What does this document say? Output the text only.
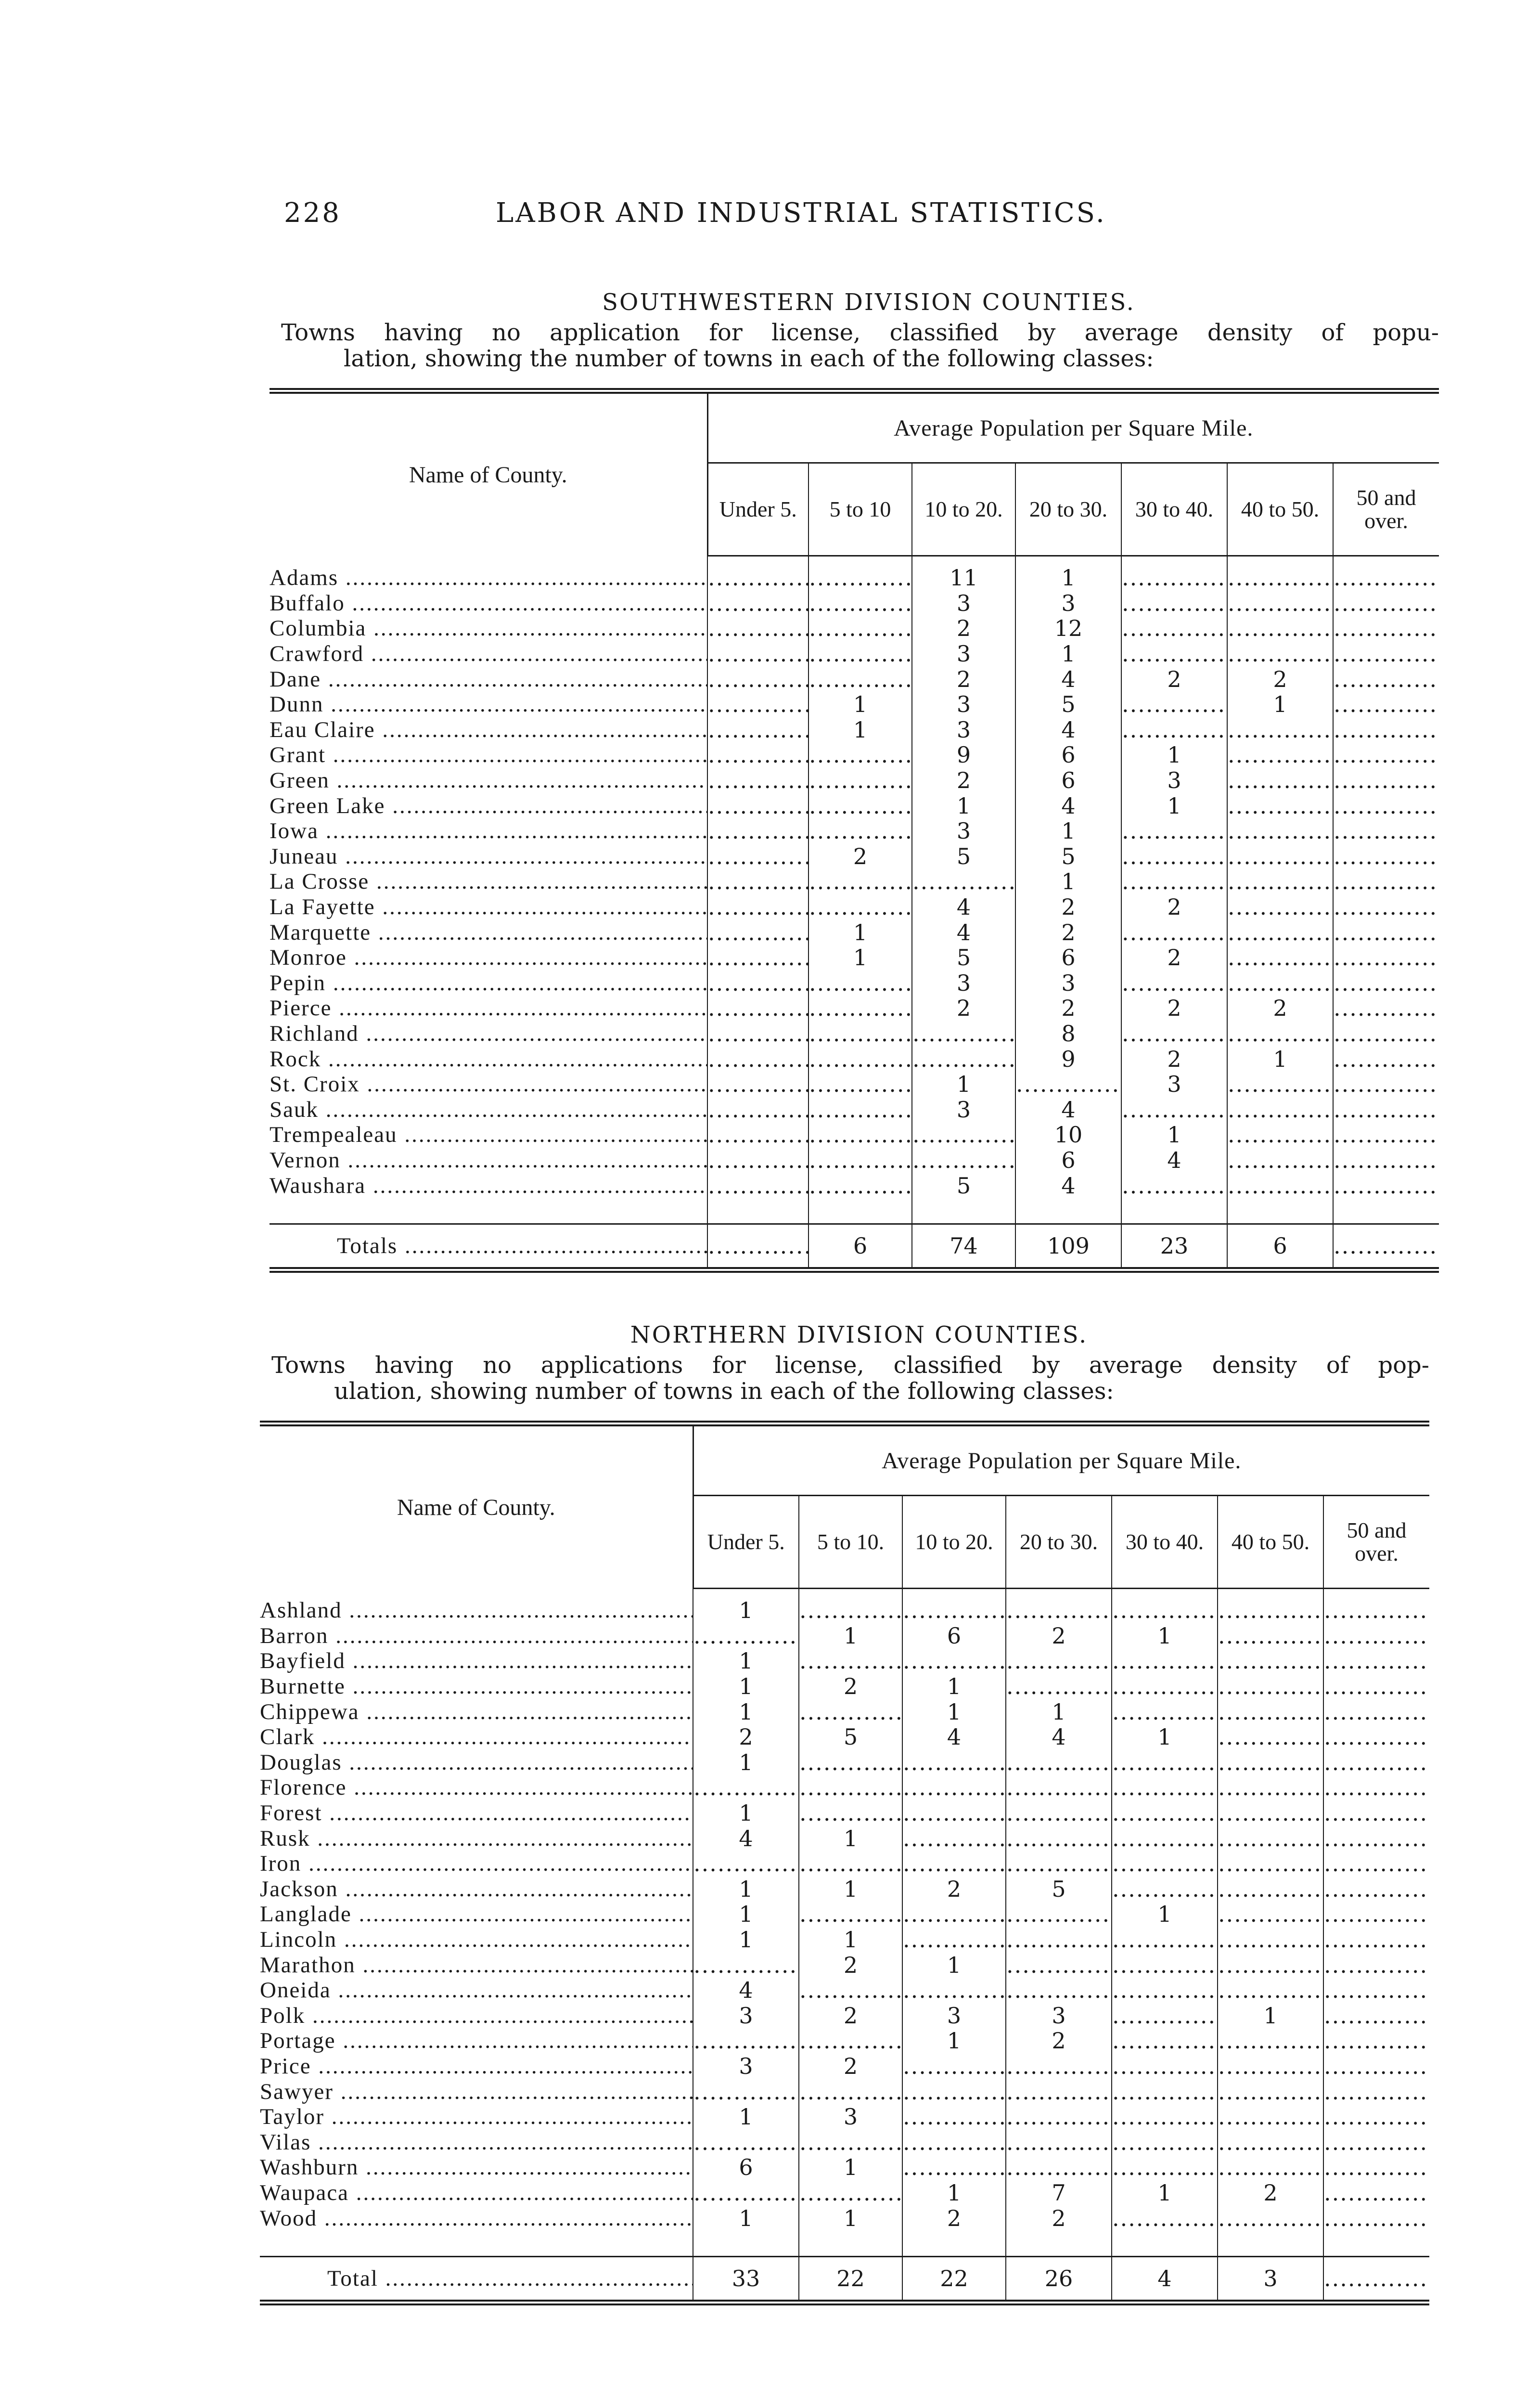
228	LABOR AND INDUSTRIAL STATISTICS.
SOUTHWESTERN DIVISION COUNTIES.
Towns having no application for license, classified by average density of popu-
lation, showing the number of towns in each of the following classes:
Name of County.	Average Population per Square Mile.						
	Under 5.	5 to 10	10 to 20.	20 to 30.	30 to 40.	40 to 50.	50 and over.
Adams .....	.....	.....	11	1	.....	.....	.....
Buffalo .....	.....	.....	3	3	.....	.....	.....
Columbia .....	.....	.....	2	12	.....	.....	.....
Crawford .....	.....	.....	3	1	.....	.....	.....
Dane .....	.....	.....	2	4	2	2	.....
Dunn .....	.....	1	3	5	.....	1	.....
Eau Claire .....	.....	1	3	4	.....	.....	.....
Grant .....	.....	.....	9	6	1	.....	.....
Green .....	.....	.....	2	6	3	.....	.....
Green Lake .....	.....	.....	1	4	1	.....	.....
Iowa .....	.....	.....	3	1	.....	.....	.....
Juneau .....	.....	2	5	5	.....	.....	.....
La Crosse .....	.....	.....	.....	1	.....	.....	.....
La Fayette .....	.....	.....	4	2	2	.....	.....
Marquette .....	.....	1	4	2	.....	.....	.....
Monroe .....	.....	1	5	6	2	.....	.....
Pepin .....	.....	.....	3	3	.....	.....	.....
Pierce .....	.....	.....	2	2	2	2	.....
Richland .....	.....	.....	.....	8	.....	.....	.....
Rock .....	.....	.....	.....	9	2	1	.....
St. Croix .....	.....	.....	1	.....	3	.....	.....
Sauk .....	.....	.....	3	4	.....	.....	.....
Trempealeau .....	.....	.....	.....	10	1	.....	.....
Vernon .....	.....	.....	.....	6	4	.....	.....
Waushara .....	.....	.....	5	4	.....	.....	.....

Totals .....	.....	6	74	109	23	6	.....
NORTHERN DIVISION COUNTIES.
Towns having no applications for license, classified by average density of pop-
ulation, showing number of towns in each of the following classes:
Name of County.	Average Population per Square Mile.						
	Under 5.	5 to 10.	10 to 20.	20 to 30.	30 to 40.	40 to 50.	50 and over.
Ashland .....	1	.....	.....	.....	.....	.....	.....
Barron .....	.....	1	6	2	1	.....	.....
Bayfield .....	1	.....	.....	.....	.....	.....	.....
Burnette .....	1	2	1	.....	.....	.....	.....
Chippewa .....	1	.....	1	1	.....	.....	.....
Clark .....	2	5	4	4	1	.....	.....
Douglas .....	1	.....	.....	.....	.....	.....	.....
Florence .....	.....	.....	.....	.....	.....	.....	.....
Forest .....	1	.....	.....	.....	.....	.....	.....
Rusk .....	4	1	.....	.....	.....	.....	.....
Iron .....	.....	.....	.....	.....	.....	.....	.....
Jackson .....	1	1	2	5	.....	.....	.....
Langlade .....	1	.....	.....	.....	1	.....	.....
Lincoln .....	1	1	.....	.....	.....	.....	.....
Marathon .....	.....	2	1	.....	.....	.....	.....
Oneida .....	4	.....	.....	.....	.....	.....	.....
Polk .....	3	2	3	3	.....	1	.....
Portage .....	.....	.....	1	2	.....	.....	.....
Price .....	3	2	.....	.....	.....	.....	.....
Sawyer .....	.....	.....	.....	.....	.....	.....	.....
Taylor .....	1	3	.....	.....	.....	.....	.....
Vilas .....	.....	.....	.....	.....	.....	.....	.....
Washburn .....	6	1	.....	.....	.....	.....	.....
Waupaca .....	.....	.....	1	7	1	2	.....
Wood .....	1	1	2	2	.....	.....	.....

Total .....	33	22	22	26	4	3	.....
